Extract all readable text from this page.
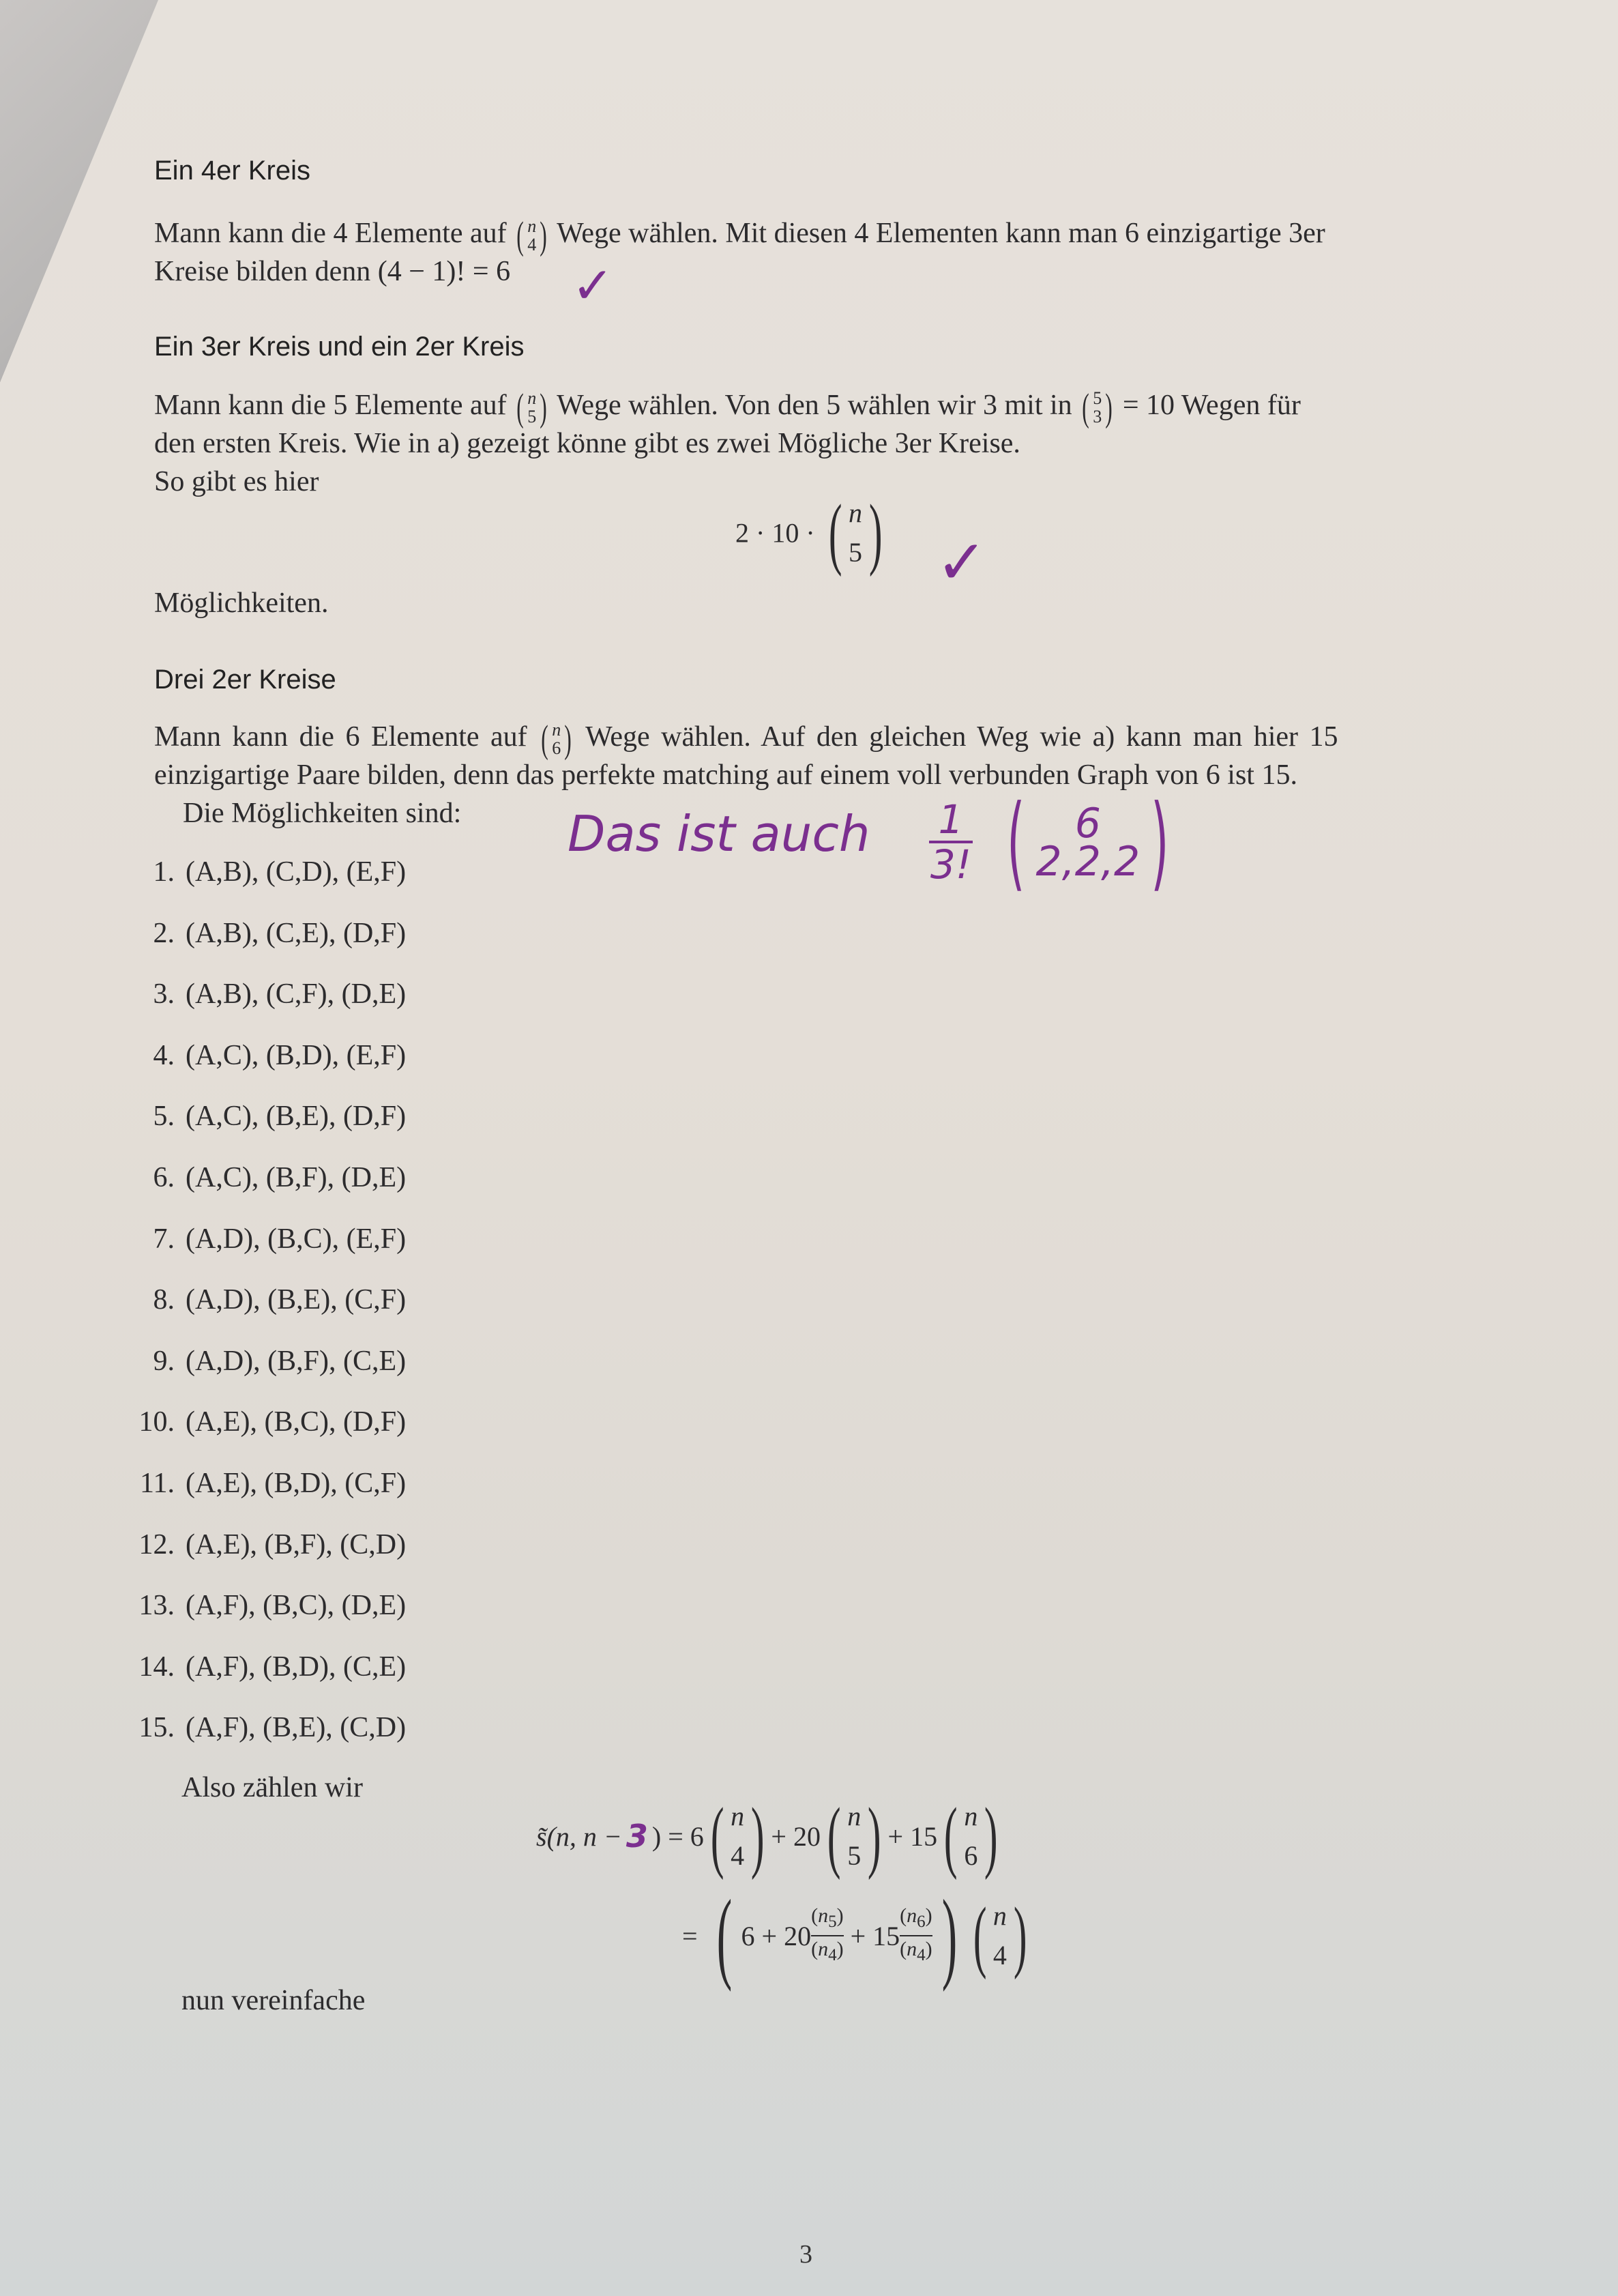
Ein 4er Kreis
Mann kann die 4 Elemente auf ( n
4 ) Wege wählen. Mit diesen 4 Elementen kann man 6 einzigartige 3er
Kreise bilden denn (4 − 1)! = 6 ✓
Ein 3er Kreis und ein 2er Kreis
Mann kann die 5 Elemente auf ( n
5 ) Wege wählen. Von den 5 wählen wir 3 mit in ( 5
3 ) = 10 Wegen für
den ersten Kreis. Wie in a) gezeigt könne gibt es zwei Mögliche 3er Kreise.
So gibt es hier
2 · 10 · ( n
5 ) ✓
Möglichkeiten.
Drei 2er Kreise
Mann kann die 6 Elemente auf ( n
6 ) Wege wählen. Auf den gleichen Weg wie a) kann man hier 15
einzigartige Paare bilden, denn das perfekte matching auf einem voll verbunden Graph von 6 ist 15.
Die Möglichkeiten sind: Das ist auch 1
3! ( 6
2,2,2 )
1. (A,B), (C,D), (E,F)
2. (A,B), (C,E), (D,F)
3. (A,B), (C,F), (D,E)
4. (A,C), (B,D), (E,F)
5. (A,C), (B,E), (D,F)
6. (A,C), (B,F), (D,E)
7. (A,D), (B,C), (E,F)
8. (A,D), (B,E), (C,F)
9. (A,D), (B,F), (C,E)
10. (A,E), (B,C), (D,F)
11. (A,E), (B,D), (C,F)
12. (A,E), (B,F), (C,D)
13. (A,F), (B,C), (D,E)
14. (A,F), (B,D), (C,E)
15. (A,F), (B,E), (C,D)
Also zählen wir
s̃(n, n − 3 ) = 6 ( n
4 ) + 20 ( n
5 ) + 15 ( n
6 )
= ( $6 + 20 \frac{(n_5)}{(n_4)} + 15 \frac{(n_6)}{(n_4)}$ ) ( n
4 )
nun vereinfache
3
